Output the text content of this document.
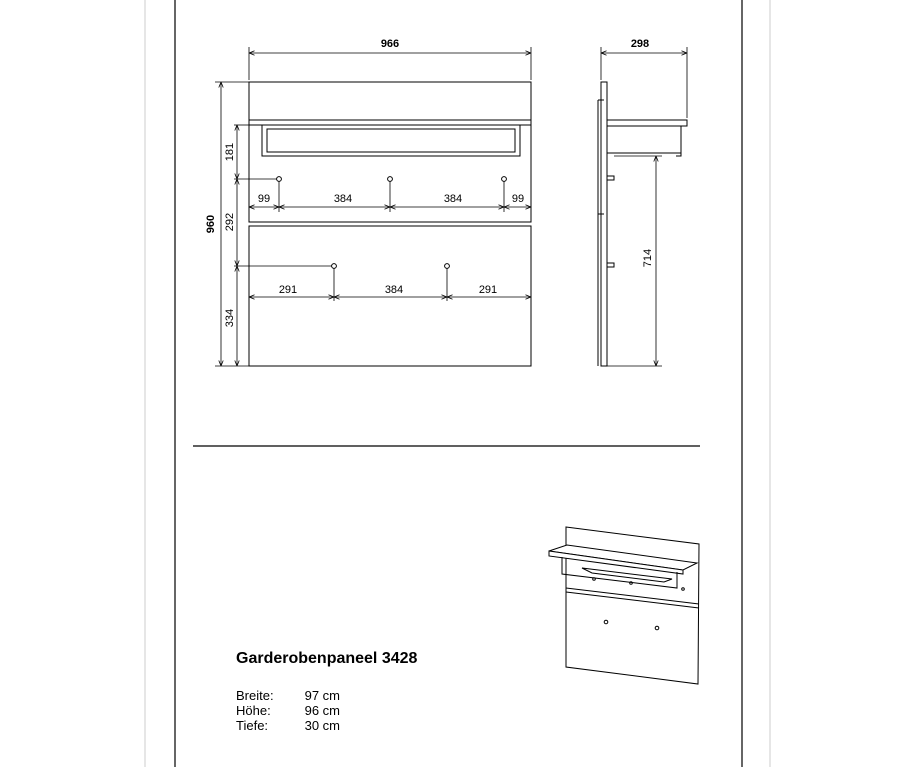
966
960
181
292
334
99	384	384	99
291	384	291
298
714
Garderobenpaneel 3428
Breite:	97 cm
Höhe:	96 cm
Tiefe:	30 cm
